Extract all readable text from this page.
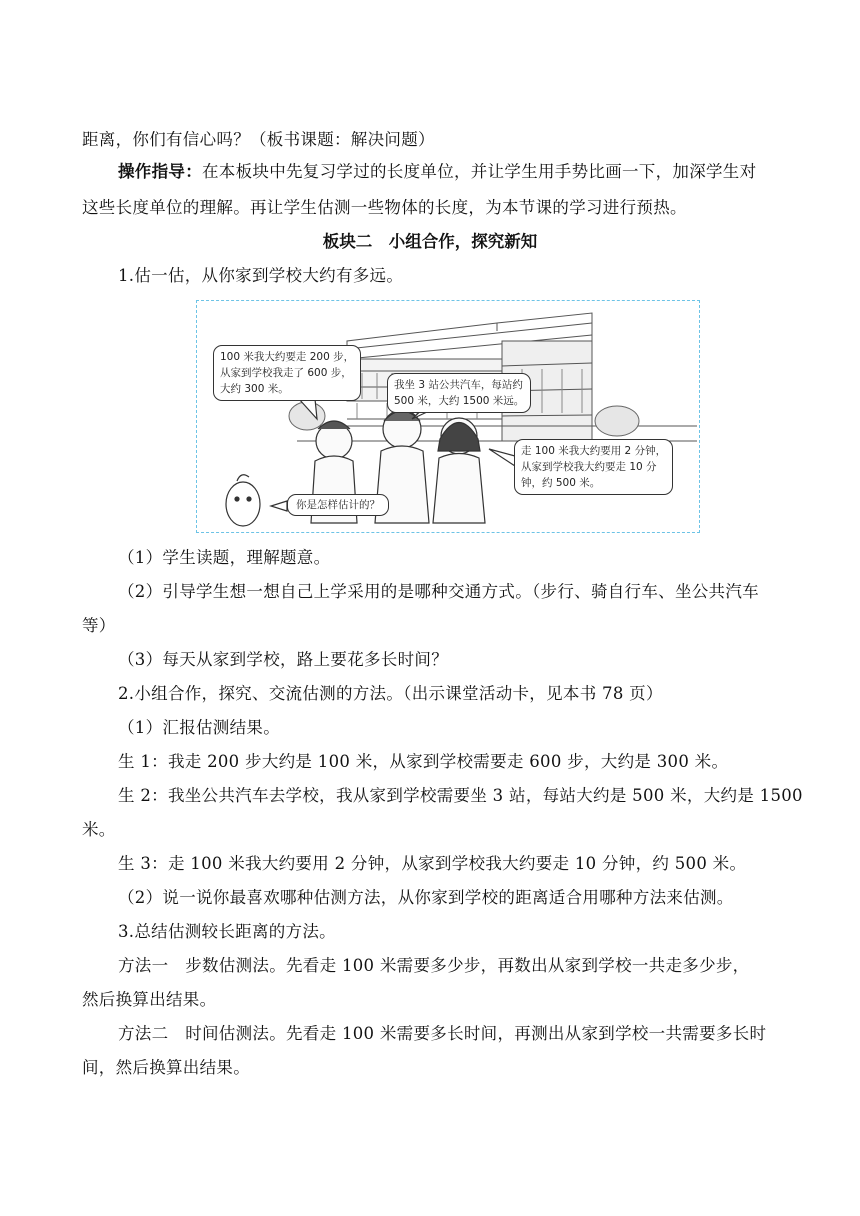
距离，你们有信心吗？（板书课题：解决问题）
操作指导：在本板块中先复习学过的长度单位，并让学生用手势比画一下，加深学生对
这些长度单位的理解。再让学生估测一些物体的长度，为本节课的学习进行预热。
板块二　小组合作，探究新知
1.估一估，从你家到学校大约有多远。
100 米我大约要走 200 步，
从家到学校我走了 600 步，
大约 300 米。	我坐 3 站公共汽车，每站约
500 米，大约 1500 米远。
走 100 米我大约要用 2 分钟，
从家到学校我大约要走 10 分
钟，约 500 米。
你是怎样估计的？
（1）学生读题，理解题意。
（2）引导学生想一想自己上学采用的是哪种交通方式。（步行、骑自行车、坐公共汽车
等）
（3）每天从家到学校，路上要花多长时间？
2.小组合作，探究、交流估测的方法。（出示课堂活动卡，见本书 78 页）
（1）汇报估测结果。
生 1：我走 200 步大约是 100 米，从家到学校需要走 600 步，大约是 300 米。
生 2：我坐公共汽车去学校，我从家到学校需要坐 3 站，每站大约是 500 米，大约是 1500
米。
生 3：走 100 米我大约要用 2 分钟，从家到学校我大约要走 10 分钟，约 500 米。
（2）说一说你最喜欢哪种估测方法，从你家到学校的距离适合用哪种方法来估测。
3.总结估测较长距离的方法。
方法一　步数估测法。先看走 100 米需要多少步，再数出从家到学校一共走多少步，
然后换算出结果。
方法二　时间估测法。先看走 100 米需要多长时间，再测出从家到学校一共需要多长时
间，然后换算出结果。
